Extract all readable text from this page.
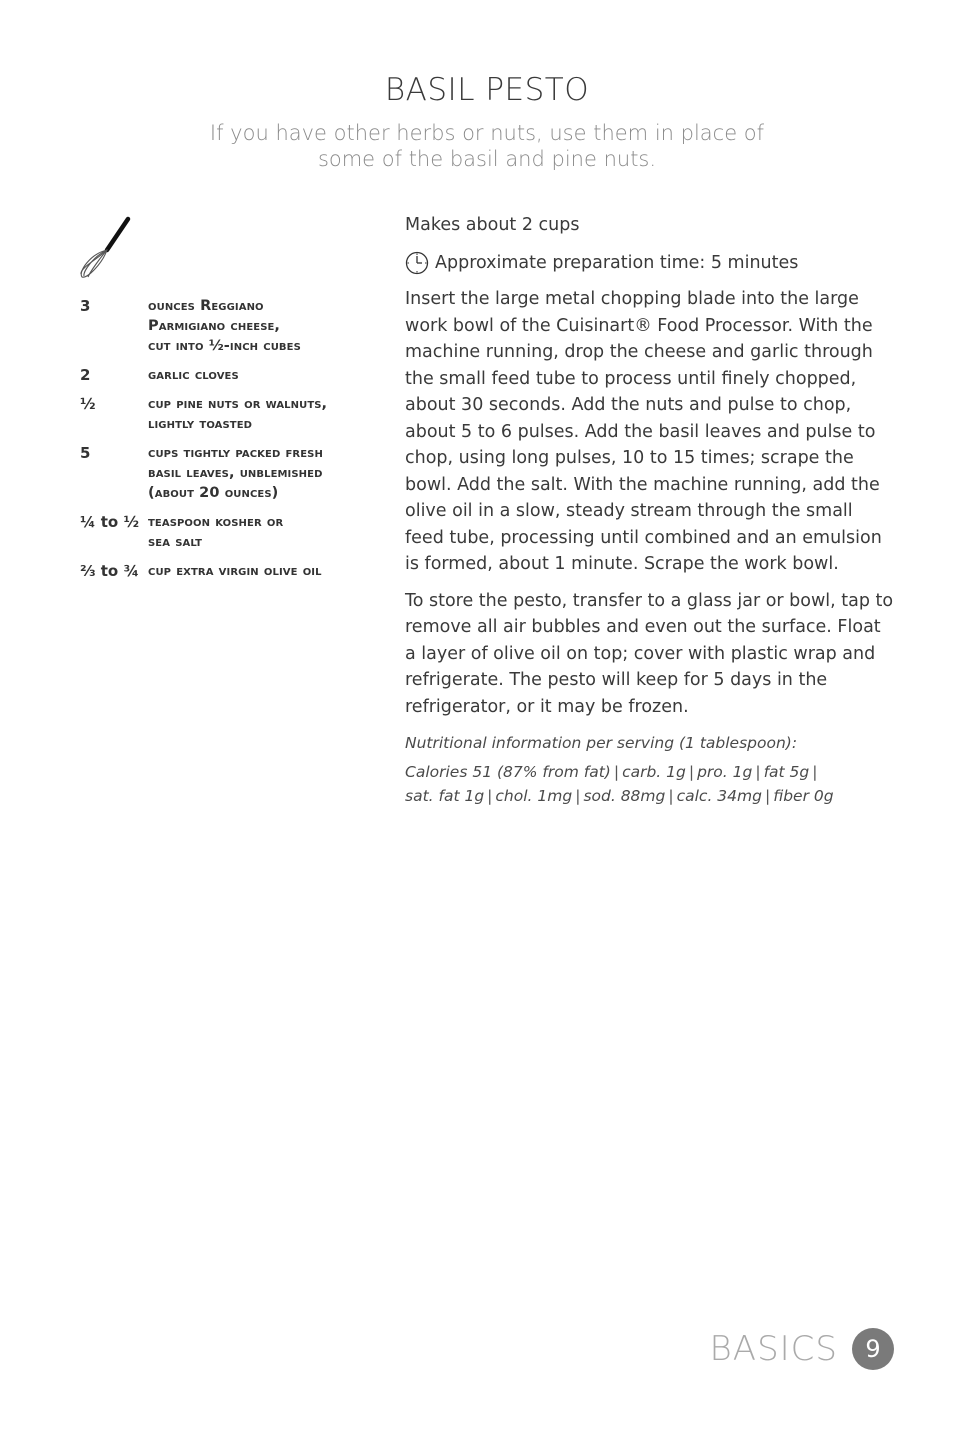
BASIL PESTO
If you have other herbs or nuts, use them in place of
some of the basil and pine nuts.
3	ounces Reggiano
Parmigiano cheese,
cut into ½-inch cubes
2	garlic cloves
½	cup pine nuts or walnuts,
lightly toasted
5	cups tightly packed fresh
basil leaves, unblemished
(about 20 ounces)
¼ to ½ teaspoon kosher or
sea salt
⅔ to ¾ cup extra virgin olive oil

Makes about 2 cups

Approximate preparation time: 5 minutes

Insert the large metal chopping blade into the large work bowl of the Cuisinart® Food Processor. With the machine running, drop the cheese and garlic through the small feed tube to process until finely chopped, about 30 seconds. Add the nuts and pulse to chop, about 5 to 6 pulses. Add the basil leaves and pulse to chop, using long pulses, 10 to 15 times; scrape the bowl. Add the salt. With the machine running, add the olive oil in a slow, steady stream through the small feed tube, processing until combined and an emulsion is formed, about 1 minute. Scrape the work bowl.

To store the pesto, transfer to a glass jar or bowl, tap to remove all air bubbles and even out the surface. Float a layer of olive oil on top; cover with plastic wrap and refrigerate. The pesto will keep for 5 days in the refrigerator, or it may be frozen.

Nutritional information per serving (1 tablespoon):

Calories 51 (87% from fat) | carb. 1g | pro. 1g | fat 5g |

sat. fat 1g | chol. 1mg | sod. 88mg | calc. 34mg | fiber 0g

BASICS	9
